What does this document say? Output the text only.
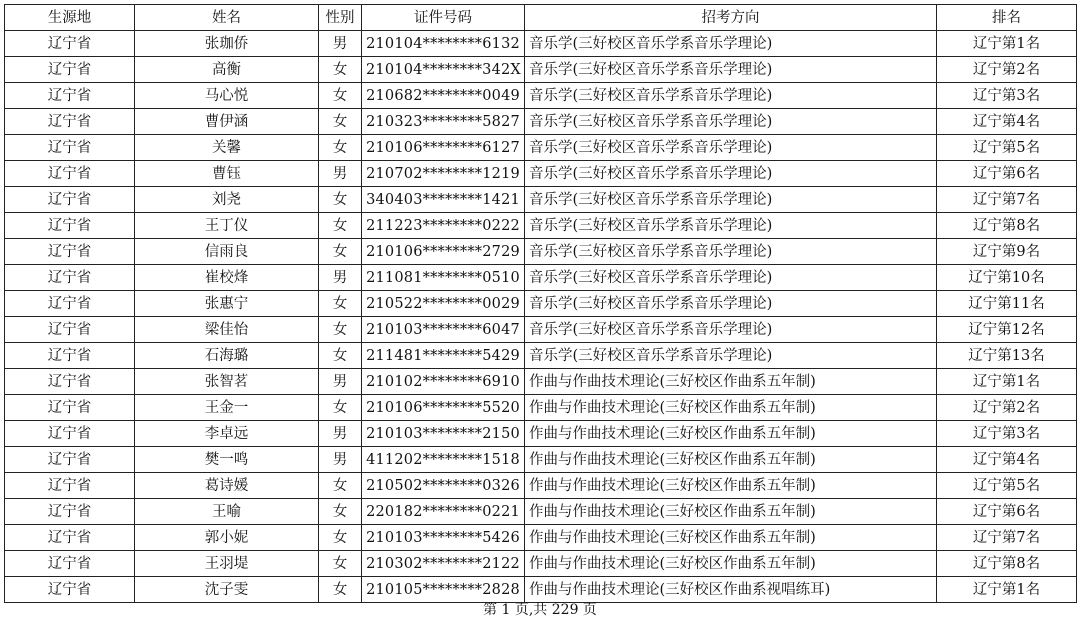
生源地	姓名	性别	证件号码	招考方向	排名
辽宁省	张珈侨	男	210104********6132	音乐学(三好校区音乐学系音乐学理论)	辽宁第1名
辽宁省	高衡	女	210104********342X	音乐学(三好校区音乐学系音乐学理论)	辽宁第2名
辽宁省	马心悦	女	210682********0049	音乐学(三好校区音乐学系音乐学理论)	辽宁第3名
辽宁省	曹伊涵	女	210323********5827	音乐学(三好校区音乐学系音乐学理论)	辽宁第4名
辽宁省	关馨	女	210106********6127	音乐学(三好校区音乐学系音乐学理论)	辽宁第5名
辽宁省	曹钰	男	210702********1219	音乐学(三好校区音乐学系音乐学理论)	辽宁第6名
辽宁省	刘尧	女	340403********1421	音乐学(三好校区音乐学系音乐学理论)	辽宁第7名
辽宁省	王丁仪	女	211223********0222	音乐学(三好校区音乐学系音乐学理论)	辽宁第8名
辽宁省	信雨良	女	210106********2729	音乐学(三好校区音乐学系音乐学理论)	辽宁第9名
辽宁省	崔校烽	男	211081********0510	音乐学(三好校区音乐学系音乐学理论)	辽宁第10名
辽宁省	张惠宁	女	210522********0029	音乐学(三好校区音乐学系音乐学理论)	辽宁第11名
辽宁省	梁佳怡	女	210103********6047	音乐学(三好校区音乐学系音乐学理论)	辽宁第12名
辽宁省	石海璐	女	211481********5429	音乐学(三好校区音乐学系音乐学理论)	辽宁第13名
辽宁省	张智茗	男	210102********6910	作曲与作曲技术理论(三好校区作曲系五年制)	辽宁第1名
辽宁省	王金一	女	210106********5520	作曲与作曲技术理论(三好校区作曲系五年制)	辽宁第2名
辽宁省	李卓远	男	210103********2150	作曲与作曲技术理论(三好校区作曲系五年制)	辽宁第3名
辽宁省	樊一鸣	男	411202********1518	作曲与作曲技术理论(三好校区作曲系五年制)	辽宁第4名
辽宁省	葛诗媛	女	210502********0326	作曲与作曲技术理论(三好校区作曲系五年制)	辽宁第5名
辽宁省	王喻	女	220182********0221	作曲与作曲技术理论(三好校区作曲系五年制)	辽宁第6名
辽宁省	郭小妮	女	210103********5426	作曲与作曲技术理论(三好校区作曲系五年制)	辽宁第7名
辽宁省	王羽堤	女	210302********2122	作曲与作曲技术理论(三好校区作曲系五年制)	辽宁第8名
辽宁省	沈子雯	女	210105********2828	作曲与作曲技术理论(三好校区作曲系视唱练耳)	辽宁第1名
第 1 页,共 229 页
